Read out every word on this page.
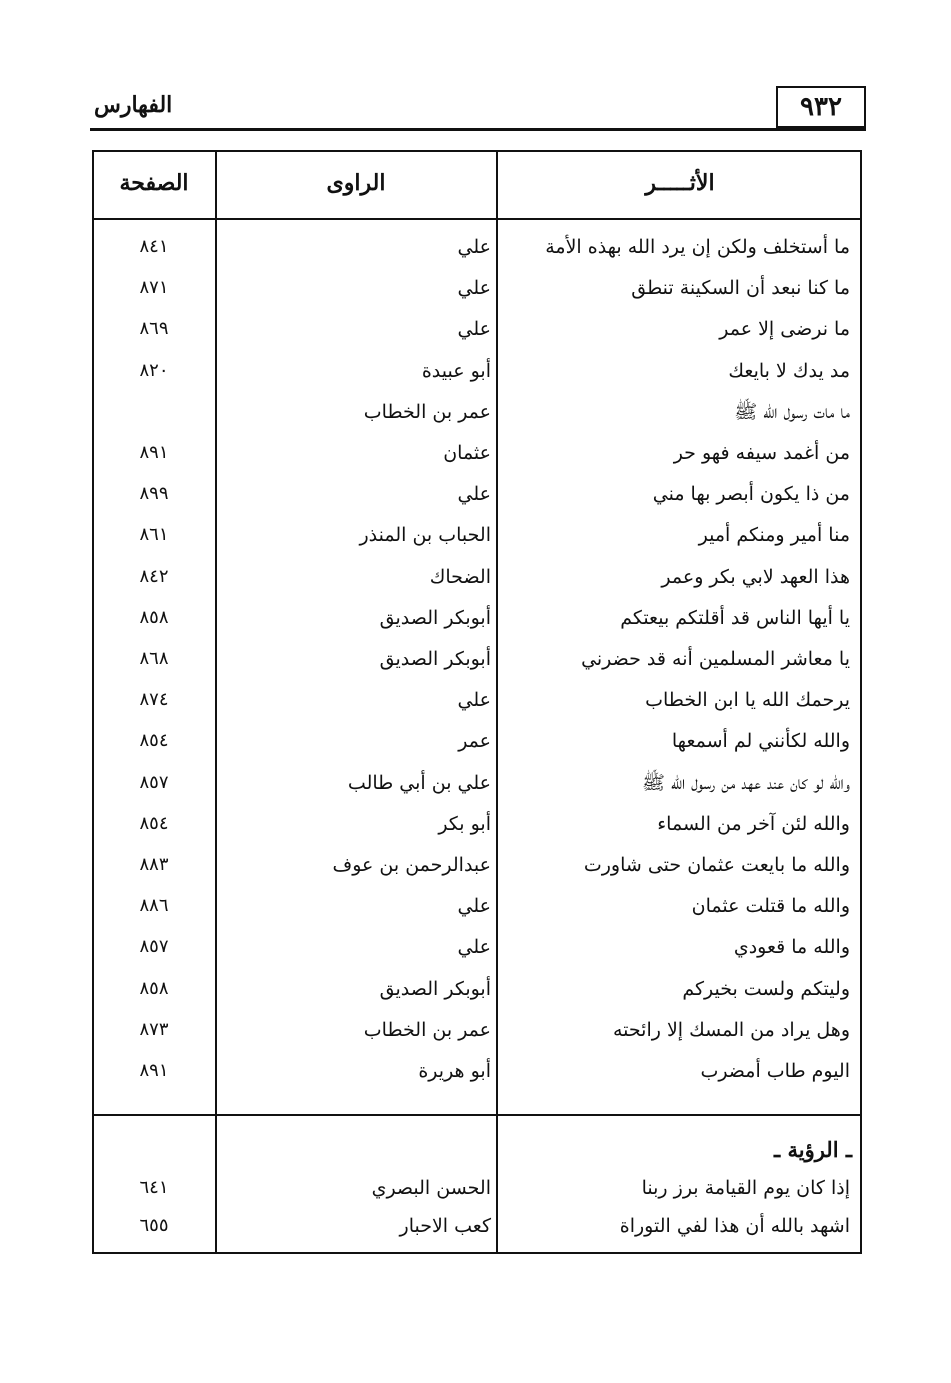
٩٣٢
الفهارس
الأثـــــر
الراوى
الصفحة
ـ الرؤية ـ
ما أستخلف ولكن إن يرد الله بهذه الأمة
علي
٨٤١
ما كنا نبعد أن السكينة تنطق
علي
٨٧١
ما نرضى إلا عمر
علي
٨٦٩
مد يدك لا بايعك
أبو عبيدة
٨٢٠
ما مات رسول الله ﷺ
عمر بن الخطاب
من أغمد سيفه فهو حر
عثمان
٨٩١
من ذا يكون أبصر بها مني
علي
٨٩٩
منا أمير ومنكم أمير
الحباب بن المنذر
٨٦١
هذا العهد لابي بكر وعمر
الضحاك
٨٤٢
يا أيها الناس قد أقلتكم بيعتكم
أبوبكر الصديق
٨٥٨
يا معاشر المسلمين أنه قد حضرني
أبوبكر الصديق
٨٦٨
يرحمك الله يا ابن الخطاب
علي
٨٧٤
والله لكأنني لم أسمعها
عمر
٨٥٤
والله لو كان عند عهد من رسول الله ﷺ
علي بن أبي طالب
٨٥٧
والله لئن آخر من السماء
أبو بكر
٨٥٤
والله ما بايعت عثمان حتى شاورت
عبدالرحمن بن عوف
٨٨٣
والله ما قتلت عثمان
علي
٨٨٦
والله ما قعودي
علي
٨٥٧
وليتكم ولست بخيركم
أبوبكر الصديق
٨٥٨
وهل يراد من المسك إلا رائحته
عمر بن الخطاب
٨٧٣
اليوم طاب أمضرب
أبو هريرة
٨٩١
إذا كان يوم القيامة برز ربنا
الحسن البصري
٦٤١
اشهد بالله أن هذا لفي التوراة
كعب الاحبار
٦٥٥
